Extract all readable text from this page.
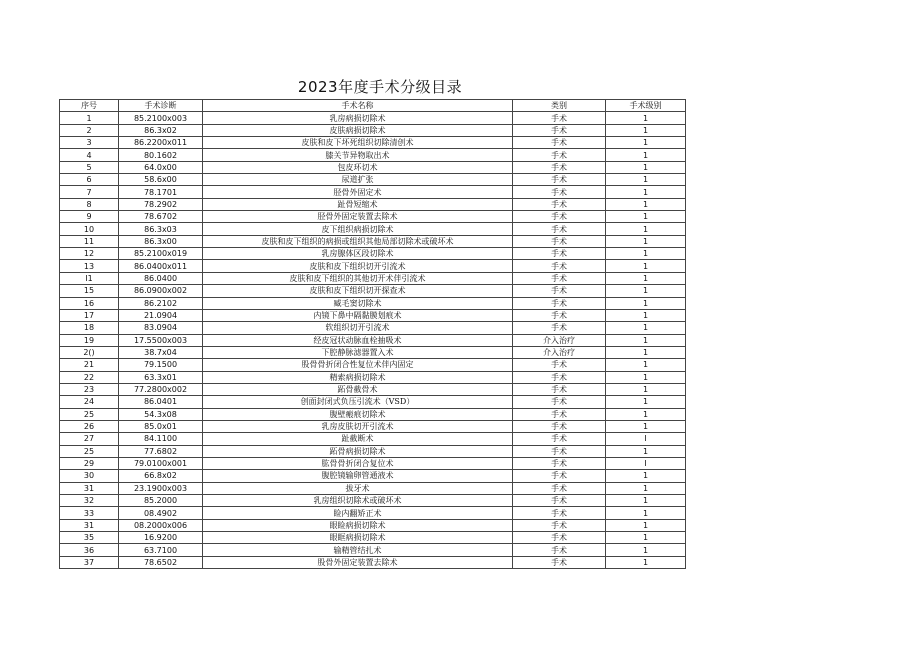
2023年度手术分级目录
序号	手术诊断	手术名称	类别	手术级别
1	85.2100x003	乳房病损切除术	手术	1
2	86.3x02	皮肤病损切除术	手术	1
3	86.2200x011	皮肤和皮下坏死组织切除清创术	手术	1
4	80.1602	膝关节异物取出术	手术	1
5	64.0x00	包皮环切术	手术	1
6	58.6x00	尿道扩张	手术	1
7	78.1701	胫骨外固定术	手术	1
8	78.2902	趾骨短缩术	手术	1
9	78.6702	胫骨外固定装置去除术	手术	1
10	86.3x03	皮下组织病损切除术	手术	1
11	86.3x00	皮肤和皮下组织的病损或组织其他局部切除术或破坏术	手术	1
12	85.2100x019	乳房腺体区段切除术	手术	1
13	86.0400x011	皮肤和皮下组织切开引流术	手术	1
I1	86.0400	皮肤和皮下组织的其他切开术伴引流术	手术	1
15	86.0900x002	皮肤和皮下组织切开探查术	手术	1
16	86.2102	臧毛窦切除术	手术	1
17	21.0904	内镜下鼻中隔黏膜划痕术	手术	1
18	83.0904	软组织切开引流术	手术	1
19	17.5500x003	经皮冠状动脉血栓抽吸术	介入治疗	1
2()	38.7x04	下腔静脉滤器置入术	介入治疗	1
21	79.1500	股骨骨折闭合性复位术伴内固定	手术	1
22	63.3x01	精索病损切除术	手术	1
23	77.2800x002	跖骨截骨术	手术	1
24	86.0401	创面封闭式负压引流术（VSD）	手术	1
25	54.3x08	腹壁瘢痕切除术	手术	1
26	85.0x01	乳房皮肤切开引流术	手术	1
27	84.1100	趾截断术	手术	I
25	77.6802	跖骨病损切除术	手术	1
29	79.0100x001	肱骨骨折闭合复位术	手术	I
30	66.8x02	腹腔镜输卵管通液术	手术	1
31	23.1900x003	拔牙术	手术	1
32	85.2000	乳房组织切除术或破坏术	手术	1
33	08.4902	睑内翻矫正术	手术	1
31	08.2000x006	眼睑病损切除术	手术	1
35	16.9200	眼眶病损切除术	手术	1
36	63.7100	输精管结扎术	手术	1
37	78.6502	股骨外固定装置去除术	手术	1
